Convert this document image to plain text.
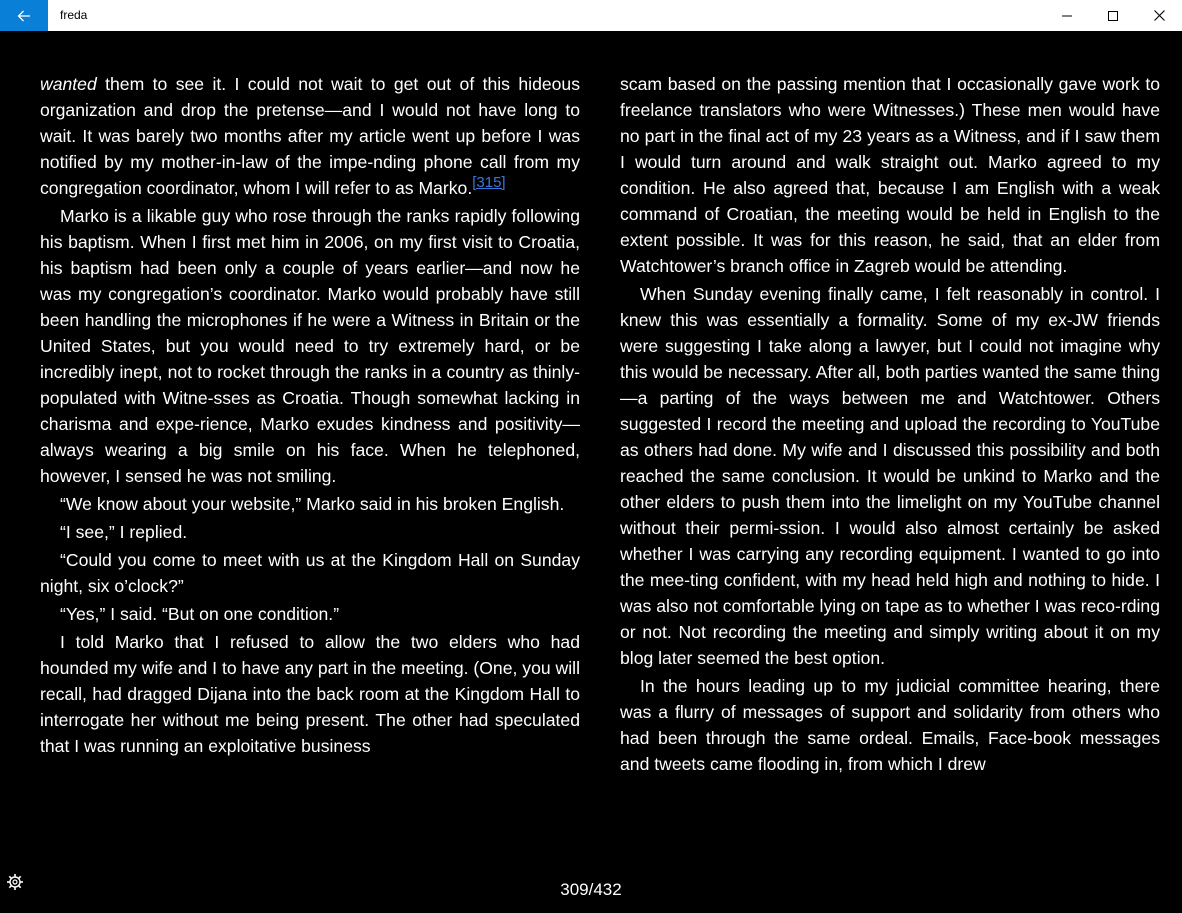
freda

wanted them to see it. I could not wait to get out of this hideous organization and drop the pretense—and I would not have long to wait. It was barely two months after my article went up before I was notified by my mother-in-law of the impe-nding phone call from my congregation coordinator, whom I will refer to as Marko.[315]

Marko is a likable guy who rose through the ranks rapidly following his baptism. When I first met him in 2006, on my first visit to Croatia, his baptism had been only a couple of years earlier—and now he was my congregation’s coordinator. Marko would probably have still been handling the microphones if he were a Witness in Britain or the United States, but you would need to try extremely hard, or be incredibly inept, not to rocket through the ranks in a country as thinly-populated with Witne-sses as Croatia. Though somewhat lacking in charisma and expe-rience, Marko exudes kindness and positivity—always wearing a big smile on his face. When he telephoned, however, I sensed he was not smiling.

“We know about your website,” Marko said in his broken English.

“I see,” I replied.

“Could you come to meet with us at the Kingdom Hall on Sunday night, six o’clock?”

“Yes,” I said. “But on one condition.”

I told Marko that I refused to allow the two elders who had hounded my wife and I to have any part in the meeting. (One, you will recall, had dragged Dijana into the back room at the Kingdom Hall to interrogate her without me being present. The other had speculated that I was running an exploitative business

scam based on the passing mention that I occasionally gave work to freelance translators who were Witnesses.) These men would have no part in the final act of my 23 years as a Witness, and if I saw them I would turn around and walk straight out. Marko agreed to my condition. He also agreed that, because I am English with a weak command of Croatian, the meeting would be held in English to the extent possible. It was for this reason, he said, that an elder from Watchtower’s branch office in Zagreb would be attending.

When Sunday evening finally came, I felt reasonably in control. I knew this was essentially a formality. Some of my ex-JW friends were suggesting I take along a lawyer, but I could not imagine why this would be necessary. After all, both parties wanted the same thing—a parting of the ways between me and Watchtower. Others suggested I record the meeting and upload the recording to YouTube as others had done. My wife and I discussed this possibility and both reached the same conclusion. It would be unkind to Marko and the other elders to push them into the limelight on my YouTube channel without their permi-ssion. I would also almost certainly be asked whether I was carrying any recording equipment. I wanted to go into the mee-ting confident, with my head held high and nothing to hide. I was also not comfortable lying on tape as to whether I was reco-rding or not. Not recording the meeting and simply writing about it on my blog later seemed the best option.

In the hours leading up to my judicial committee hearing, there was a flurry of messages of support and solidarity from others who had been through the same ordeal. Emails, Face-book messages and tweets came flooding in, from which I drew

309/432
